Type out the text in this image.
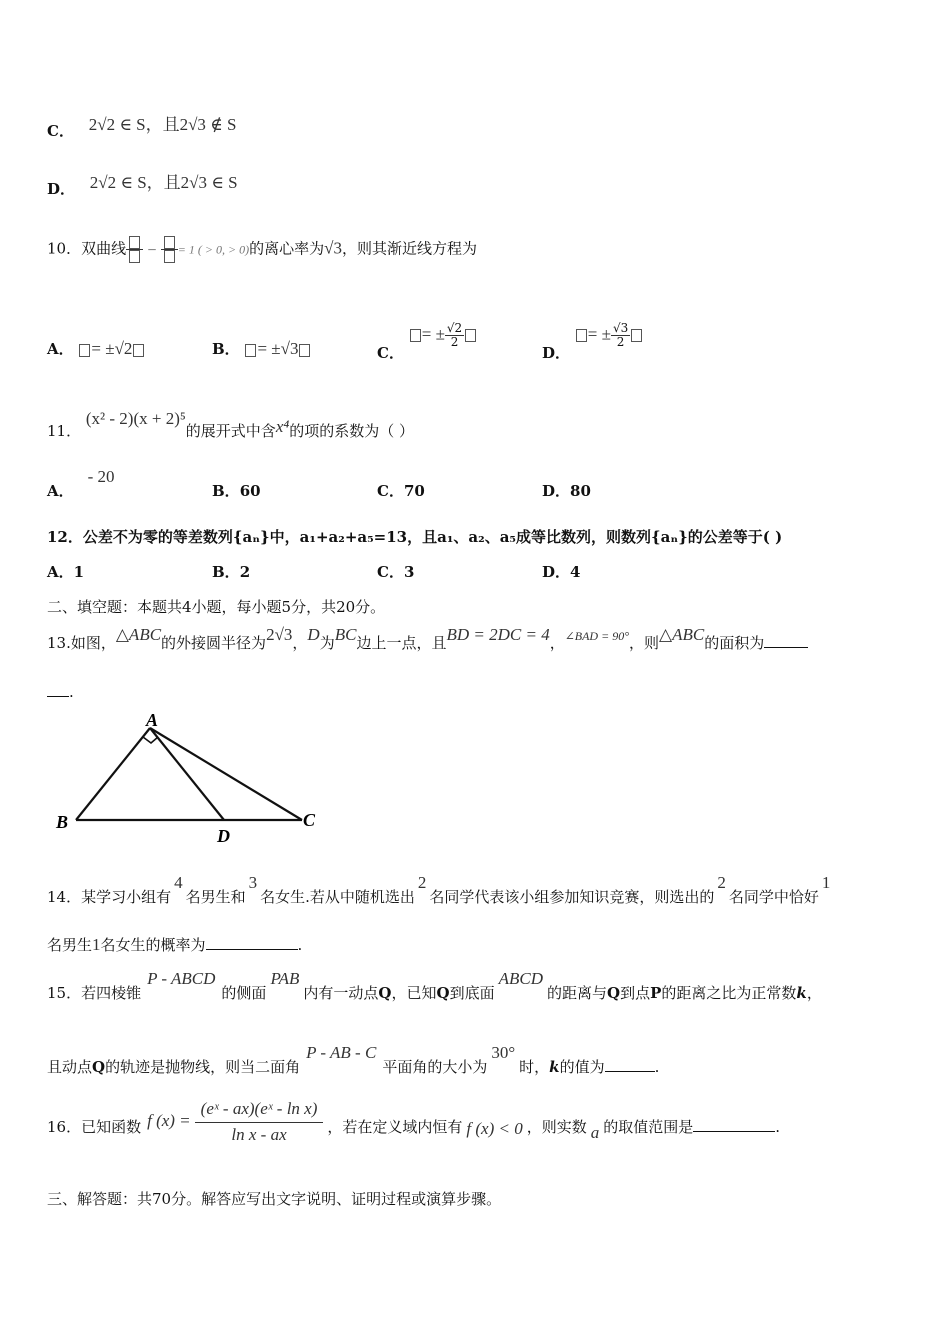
C． 2√2 ∈ S，且2√3 ∉ S
D． 2√2 ∈ S，且2√3 ∈ S
10．双曲线
−
= 1 ( > 0, > 0)的离心率为√3，则其渐近线方程为
A． = ±√2	B． = ±√3	C． = ± $\frac{√2}{2}$
D． = ± $\frac{√3}{2}$
11． (x² - 2)(x + 2)⁵的展开式中含x⁴的项的系数为（ ）
A．- 20
B．60	C．70	D．80
12．公差不为零的等差数列{aₙ}中，a₁+a₂+a₅=13，且a₁、a₂、a₅成等比数列，则数列{aₙ}的公差等于( )
A．1	B．2	C．3	D．4
二、填空题：本题共4小题，每小题5分，共20分。
13.如图，△ABC的外接圆半径为2√3，D为BC边上一点，且BD = 2DC = 4，∠BAD = 90°，则△ABC的面积为
.
A
B
D
C
14．某学习小组有4名男生和3名女生.若从中随机选出2名同学代表该小组参加知识竞赛，则选出的2名同学中恰好1
名男生1名女生的概率为	.
15．若四棱锥P - ABCD的侧面PAB内有一动点Q，已知Q到底面ABCD的距离与Q到点P的距离之比为正常数k，
且动点Q的轨迹是抛物线，则当二面角P - AB - C平面角的大小为30°时，k的值为	.
16．已知函数 f $(x) = \frac{\text{(eˣ - ax)(eˣ - ln x)}}{\text{ln x - ax}}$ ，若在定义域内恒有 f (x) < 0 ，则实数 a 的取值范围是	.
三、解答题：共70分。解答应写出文字说明、证明过程或演算步骤。
